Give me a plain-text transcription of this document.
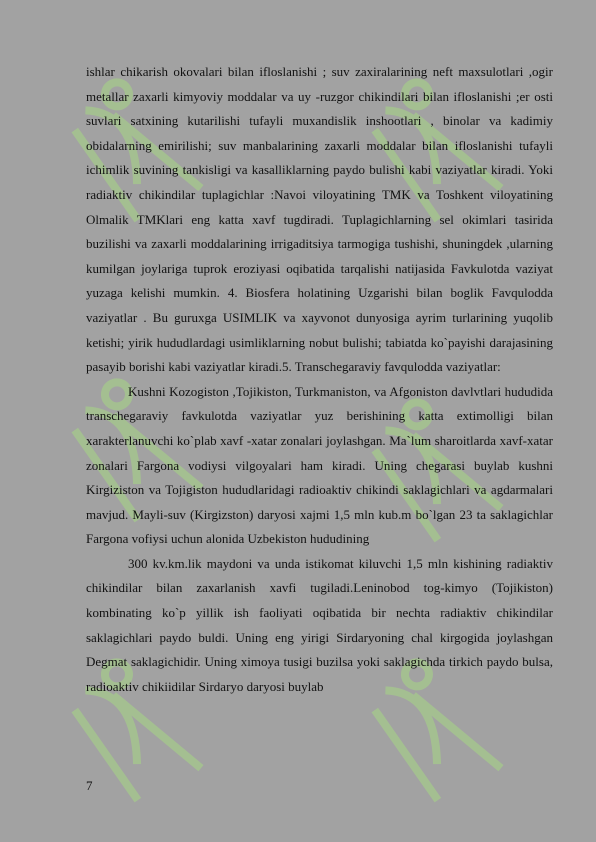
ishlar chikarish okovalari bilan ifloslanishi ; suv zaxiralarining neft maxsulotlari ,ogir metallar zaxarli kimyoviy moddalar va uy -ruzgor chikindilari bilan ifloslanishi ;er osti suvlari satxining kutarilishi tufayli muxandislik inshootlari , binolar va kadimiy obidalarning emirilishi; suv manbalarining zaxarli moddalar bilan ifloslanishi tufayli ichimlik suvining tankisligi va kasalliklarning paydo bulishi kabi vaziyatlar kiradi. Yoki radiaktiv chikindilar tuplagichlar :Navoi viloyatining TMK va Toshkent viloyatining Olmalik TMKlari eng katta xavf tugdiradi. Tuplagichlarning sel okimlari tasirida buzilishi va zaxarli moddalarining irrigaditsiya tarmogiga tushishi, shuningdek ,ularning kumilgan joylariga tuprok eroziyasi oqibatida tarqalishi natijasida Favkulotda vaziyat yuzaga kelishi mumkin. 4. Biosfera holatining Uzgarishi bilan boglik Favqulodda vaziyatlar . Bu guruxga USIMLIK va xayvonot dunyosiga ayrim turlarining yuqolib ketishi; yirik hududlardagi usimliklarning nobut bulishi; tabiatda ko`payishi darajasining pasayib borishi kabi vaziyatlar kiradi.5. Transchegaraviy favqulodda vaziyatlar:

Kushni Kozogiston ,Tojikiston, Turkmaniston, va Afgoniston davlvtlari hududida transchegaraviy favkulotda vaziyatlar yuz berishining katta extimolligi bilan xarakterlanuvchi ko`plab xavf -xatar zonalari joylashgan. Ma`lum sharoitlarda xavf-xatar zonalari Fargona vodiysi vilgoyalari ham kiradi. Uning chegarasi buylab kushni Kirgiziston va Tojigiston hududlaridagi radioaktiv chikindi saklagichlari va agdarmalari mavjud. Mayli-suv (Kirgizston) daryosi xajmi 1,5 mln kub.m bo`lgan 23 ta saklagichlar Fargona vofiysi uchun alonida Uzbekiston hududining

300 kv.km.lik maydoni va unda istikomat kiluvchi 1,5 mln kishining radiaktiv chikindilar bilan zaxarlanish xavfi tugiladi.Leninobod tog-kimyo (Tojikiston) kombinating ko`p yillik ish faoliyati oqibatida bir nechta radiaktiv chikindilar saklagichlari paydo buldi. Uning eng yirigi Sirdaryoning chal kirgogida joylashgan Degmat saklagichidir. Uning ximoya tusigi buzilsa yoki saklagichda tirkich paydo bulsa, radioaktiv chikiidilar Sirdaryo daryosi buylab

7
